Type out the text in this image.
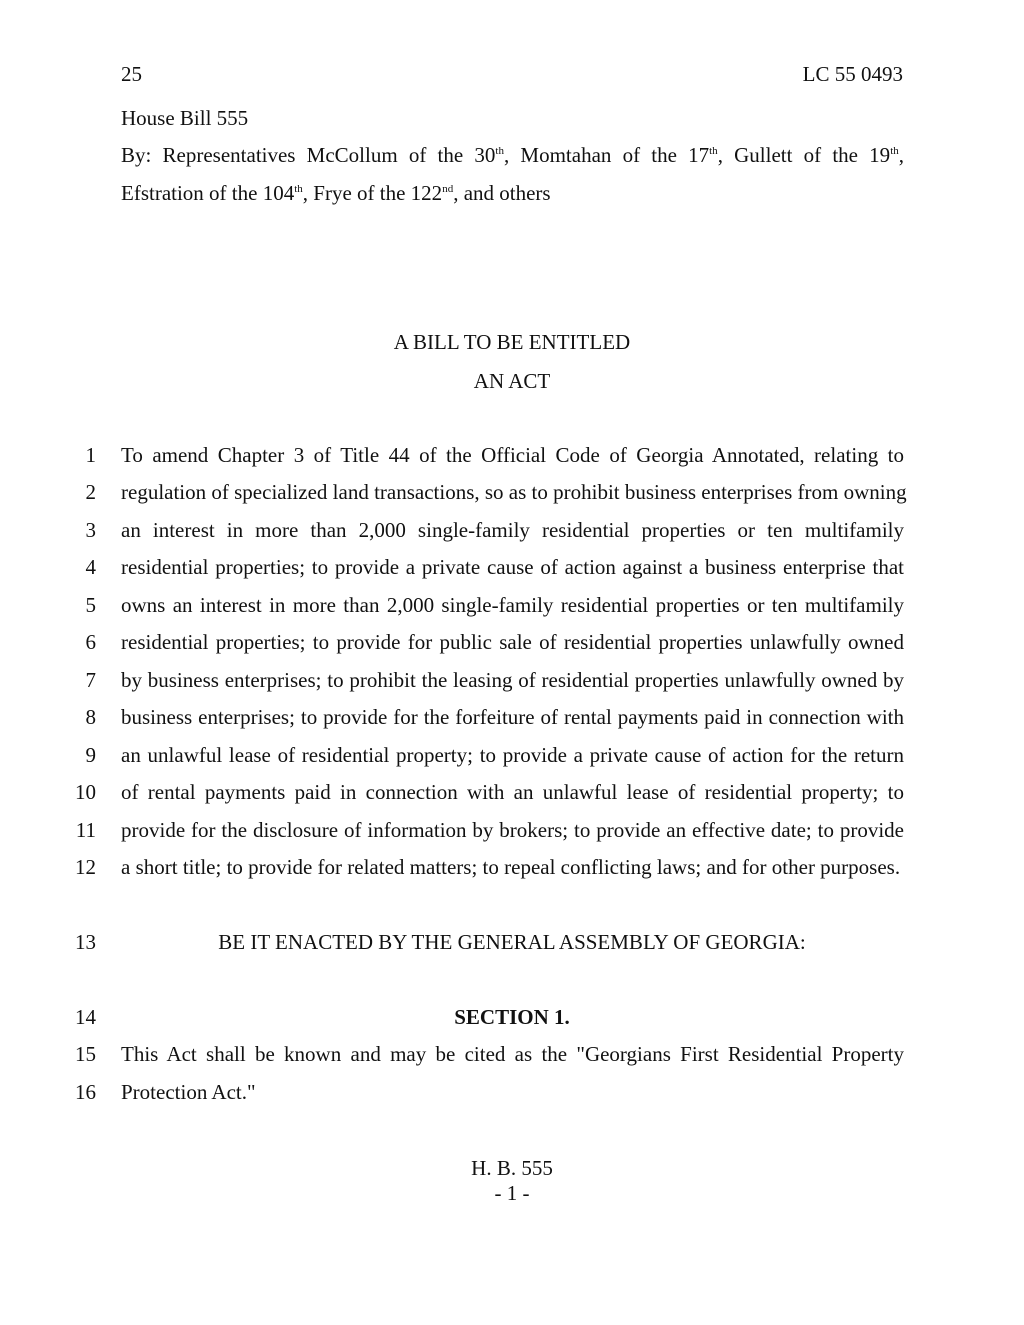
25	LC 55 0493
House Bill 555
By: Representatives McCollum of the 30th, Momtahan of the 17th, Gullett of the 19th,
Efstration of the 104th, Frye of the 122nd, and others
A BILL TO BE ENTITLED
AN ACT
1 To amend Chapter 3 of Title 44 of the Official Code of Georgia Annotated, relating to
2 regulation of specialized land transactions, so as to prohibit business enterprises from owning
3 an interest in more than 2,000 single-family residential properties or ten multifamily
4 residential properties; to provide a private cause of action against a business enterprise that
5 owns an interest in more than 2,000 single-family residential properties or ten multifamily
6 residential properties; to provide for public sale of residential properties unlawfully owned
7 by business enterprises; to prohibit the leasing of residential properties unlawfully owned by
8 business enterprises; to provide for the forfeiture of rental payments paid in connection with
9 an unlawful lease of residential property; to provide a private cause of action for the return
10 of rental payments paid in connection with an unlawful lease of residential property; to
11 provide for the disclosure of information by brokers; to provide an effective date; to provide
12 a short title; to provide for related matters; to repeal conflicting laws; and for other purposes.
13	BE IT ENACTED BY THE GENERAL ASSEMBLY OF GEORGIA:
14	SECTION 1.
15 This Act shall be known and may be cited as the "Georgians First Residential Property
16 Protection Act."
H. B. 555
- 1 -
